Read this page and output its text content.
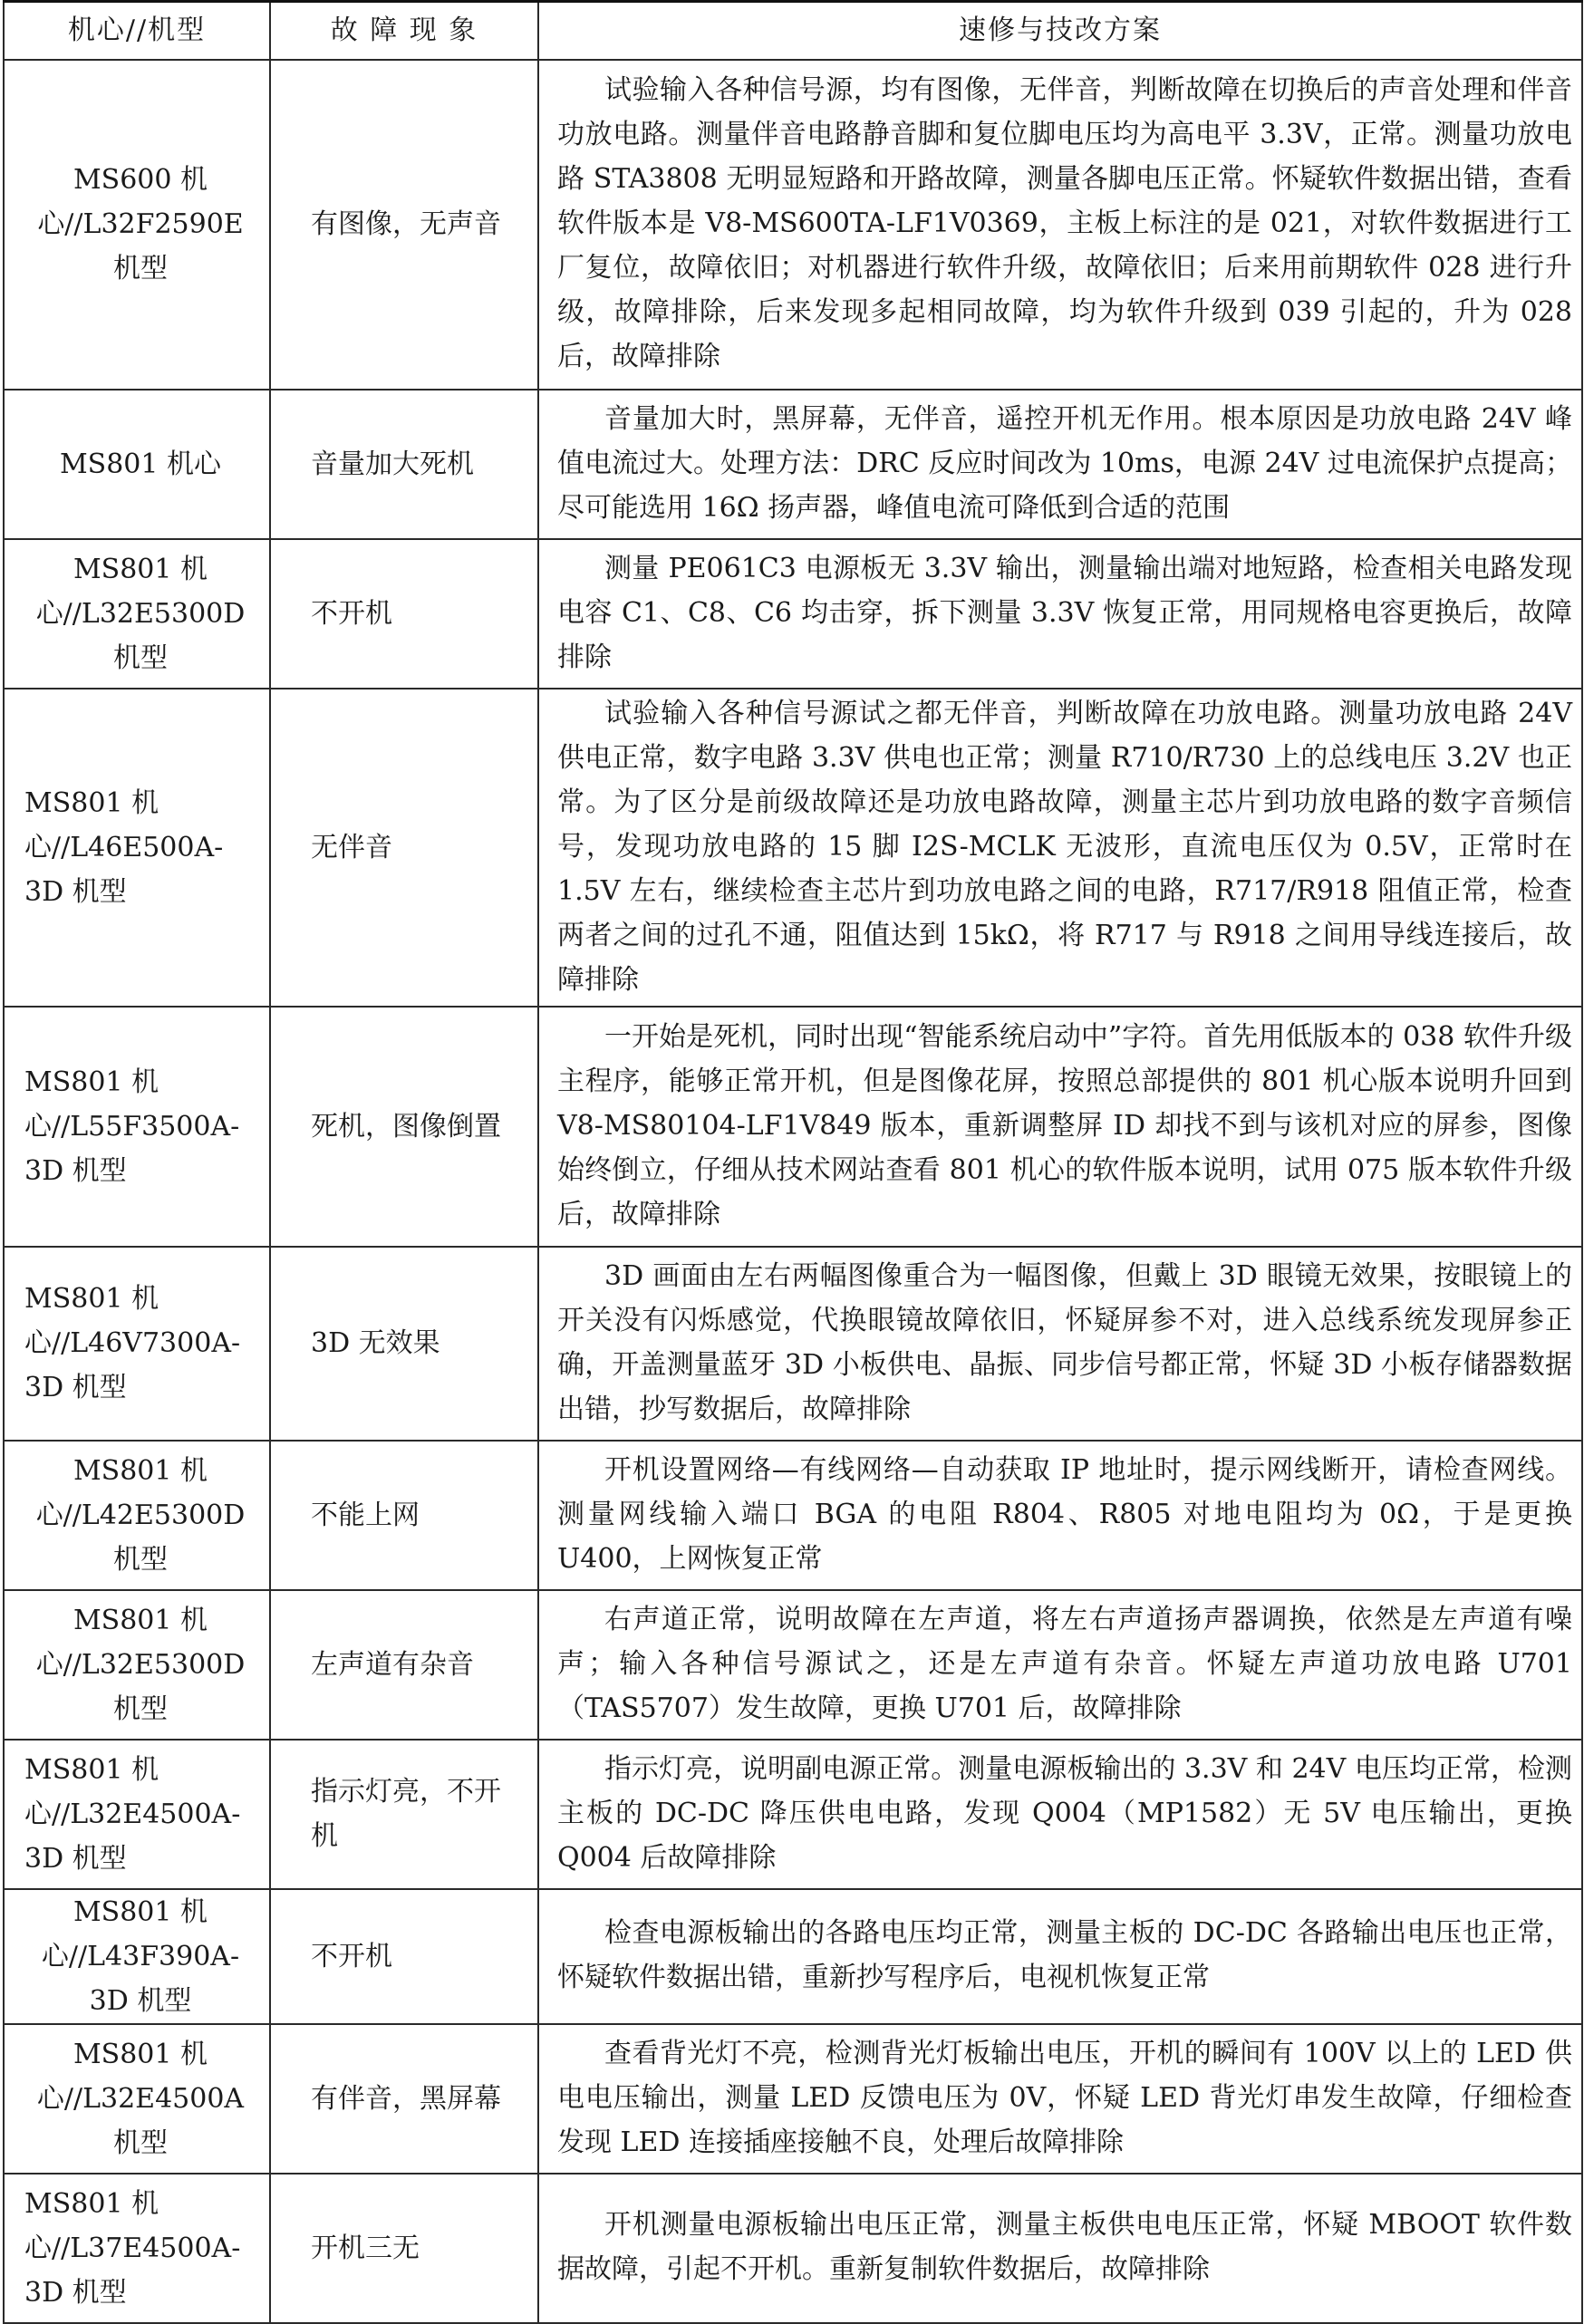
机心//机型	故 障 现 象	速修与技改方案

MS600 机心//L32F2590E 机型	有图像，无声音	试验输入各种信号源，均有图像，无伴音，判断故障在切换后的声音处理和伴音功放电路。测量伴音电路静音脚和复位脚电压均为高电平 3.3V，正常。测量功放电路 STA3808 无明显短路和开路故障，测量各脚电压正常。怀疑软件数据出错，查看软件版本是 V8-MS600TA-LF1V0369，主板上标注的是 021，对软件数据进行工厂复位，故障依旧；对机器进行软件升级，故障依旧；后来用前期软件 028 进行升级，故障排除，后来发现多起相同故障，均为软件升级到 039 引起的，升为 028 后，故障排除

MS801 机心	音量加大死机	音量加大时，黑屏幕，无伴音，遥控开机无作用。根本原因是功放电路 24V 峰值电流过大。处理方法：DRC 反应时间改为 10ms，电源 24V 过电流保护点提高；尽可能选用 16Ω 扬声器，峰值电流可降低到合适的范围

MS801 机心//L32E5300D 机型	不开机	测量 PE061C3 电源板无 3.3V 输出，测量输出端对地短路，检查相关电路发现电容 C1、C8、C6 均击穿，拆下测量 3.3V 恢复正常，用同规格电容更换后，故障排除

MS801 机心//L46E500A-3D 机型	无伴音	试验输入各种信号源试之都无伴音，判断故障在功放电路。测量功放电路 24V 供电正常，数字电路 3.3V 供电也正常；测量 R710/R730 上的总线电压 3.2V 也正常。为了区分是前级故障还是功放电路故障，测量主芯片到功放电路的数字音频信号，发现功放电路的 15 脚 I2S-MCLK 无波形，直流电压仅为 0.5V，正常时在 1.5V 左右，继续检查主芯片到功放电路之间的电路，R717/R918 阻值正常，检查两者之间的过孔不通，阻值达到 15kΩ，将 R717 与 R918 之间用导线连接后，故障排除

MS801 机心//L55F3500A-3D 机型	死机，图像倒置	一开始是死机，同时出现“智能系统启动中”字符。首先用低版本的 038 软件升级主程序，能够正常开机，但是图像花屏，按照总部提供的 801 机心版本说明升回到 V8-MS80104-LF1V849 版本，重新调整屏 ID 却找不到与该机对应的屏参，图像始终倒立，仔细从技术网站查看 801 机心的软件版本说明，试用 075 版本软件升级后，故障排除

MS801 机心//L46V7300A-3D 机型	3D 无效果	3D 画面由左右两幅图像重合为一幅图像，但戴上 3D 眼镜无效果，按眼镜上的开关没有闪烁感觉，代换眼镜故障依旧，怀疑屏参不对，进入总线系统发现屏参正确，开盖测量蓝牙 3D 小板供电、晶振、同步信号都正常，怀疑 3D 小板存储器数据出错，抄写数据后，故障排除

MS801 机心//L42E5300D 机型	不能上网	开机设置网络—有线网络—自动获取 IP 地址时，提示网线断开，请检查网线。测量网线输入端口 BGA 的电阻 R804、R805 对地电阻均为 0Ω，于是更换 U400，上网恢复正常

MS801 机心//L32E5300D 机型	左声道有杂音	右声道正常，说明故障在左声道，将左右声道扬声器调换，依然是左声道有噪声；输入各种信号源试之，还是左声道有杂音。怀疑左声道功放电路 U701（TAS5707）发生故障，更换 U701 后，故障排除

MS801 机心//L32E4500A-3D 机型	指示灯亮，不开机	指示灯亮，说明副电源正常。测量电源板输出的 3.3V 和 24V 电压均正常，检测主板的 DC-DC 降压供电电路，发现 Q004（MP1582）无 5V 电压输出，更换 Q004 后故障排除

MS801 机心//L43F390A-3D 机型	不开机	检查电源板输出的各路电压均正常，测量主板的 DC-DC 各路输出电压也正常，怀疑软件数据出错，重新抄写程序后，电视机恢复正常

MS801 机心//L32E4500A 机型	有伴音，黑屏幕	查看背光灯不亮，检测背光灯板输出电压，开机的瞬间有 100V 以上的 LED 供电电压输出，测量 LED 反馈电压为 0V，怀疑 LED 背光灯串发生故障，仔细检查发现 LED 连接插座接触不良，处理后故障排除

MS801 机心//L37E4500A-3D 机型	开机三无	开机测量电源板输出电压正常，测量主板供电电压正常，怀疑 MBOOT 软件数据故障，引起不开机。重新复制软件数据后，故障排除
